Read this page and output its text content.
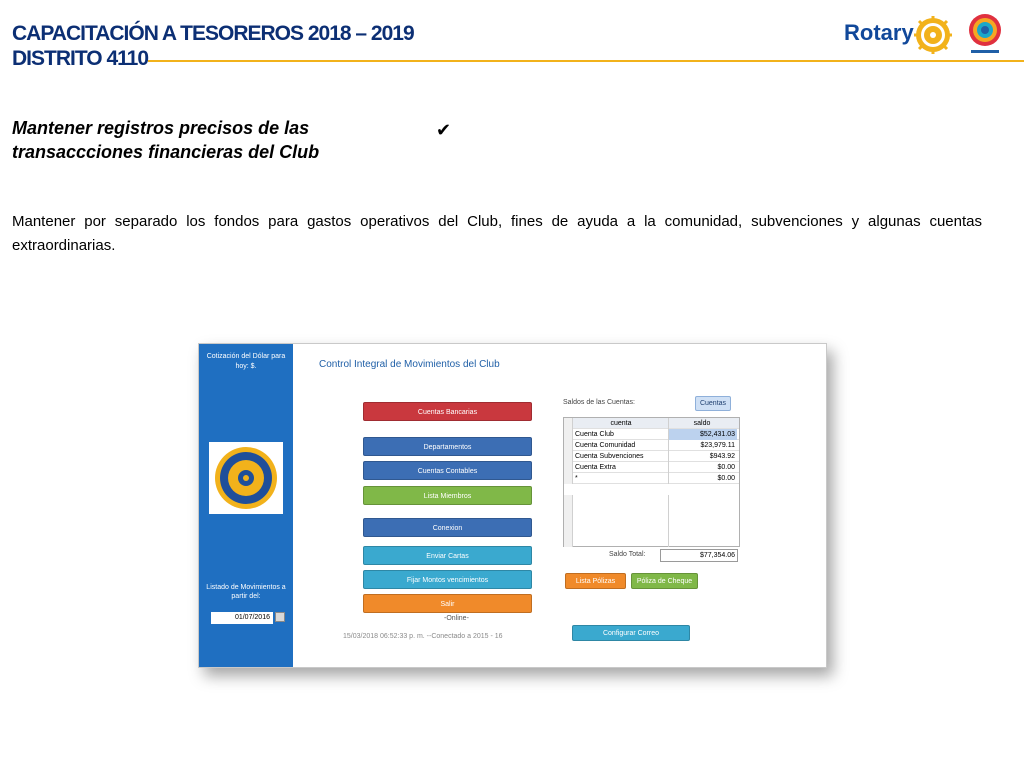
CAPACITACIÓN A TESOREROS 2018 – 2019
DISTRITO 4110
Rotary
Mantener registros precisos de las transaccciones financieras del Club
✔
Mantener por separado los fondos para gastos operativos del Club, fines de ayuda a la comunidad, subvenciones y algunas cuentas extraordinarias.
Cotización del Dólar para hoy: $.
Listado de Movimientos a partir del:
01/07/2016
Control Integral de Movimientos del Club
Cuentas Bancarias
Departamentos
Cuentas Contables
Lista Miembros
Conexion
Enviar Cartas
Fijar Montos vencimientos
Salir
Saldos de las Cuentas:	Cuentas
cuenta	saldo
Cuenta Club	$52,431.03
Cuenta Comunidad	$23,979.11
Cuenta Subvenciones	$943.92
Cuenta Extra	$0.00
*	$0.00
Saldo Total:	$77,354.06
Lista Pólizas	Póliza de Cheque
Configurar Correo
-Online-
15/03/2018 06:52:33 p. m. --Conectado a 2015 - 16
